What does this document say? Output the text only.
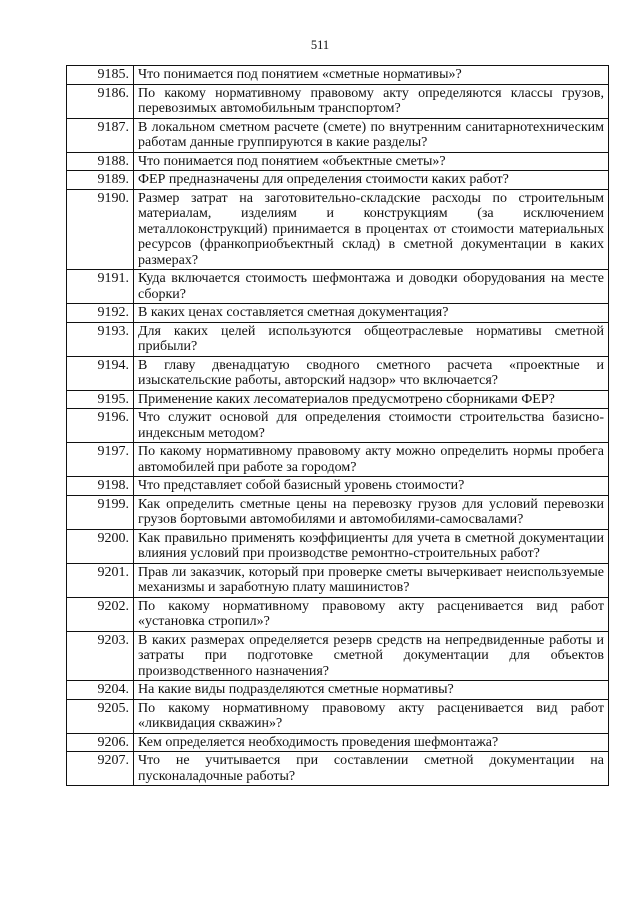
511
9185.	Что понимается под понятием «сметные нормативы»?
9186.	По какому нормативному правовому акту определяются классы грузов, перевозимых автомобильным транспортом?
9187.	В локальном сметном расчете (смете) по внутренним санитарнотехническим работам данные группируются в какие разделы?
9188.	Что понимается под понятием «объектные сметы»?
9189.	ФЕР предназначены для определения стоимости каких работ?
9190.	Размер затрат на заготовительно-складские расходы по строительным материалам, изделиям и конструкциям (за исключением металлоконструкций) принимается в процентах от стоимости материальных ресурсов (франкоприобъектный склад) в сметной документации в каких размерах?
9191.	Куда включается стоимость шефмонтажа и доводки оборудования на месте сборки?
9192.	В каких ценах составляется сметная документация?
9193.	Для каких целей используются общеотраслевые нормативы сметной прибыли?
9194.	В главу двенадцатую сводного сметного расчета «проектные и изыскательские работы, авторский надзор» что включается?
9195.	Применение каких лесоматериалов предусмотрено сборниками ФЕР?
9196.	Что служит основой для определения стоимости строительства базисно-индексным методом?
9197.	По какому нормативному правовому акту можно определить нормы пробега автомобилей при работе за городом?
9198.	Что представляет собой базисный уровень стоимости?
9199.	Как определить сметные цены на перевозку грузов для условий перевозки грузов бортовыми автомобилями и автомобилями-самосвалами?
9200.	Как правильно применять коэффициенты для учета в сметной документации влияния условий при производстве ремонтно-строительных работ?
9201.	Прав ли заказчик, который при проверке сметы вычеркивает неиспользуемые механизмы и заработную плату машинистов?
9202.	По какому нормативному правовому акту расценивается вид работ «установка стропил»?
9203.	В каких размерах определяется резерв средств на непредвиденные работы и затраты при подготовке сметной документации для объектов производственного назначения?
9204.	На какие виды подразделяются сметные нормативы?
9205.	По какому нормативному правовому акту расценивается вид работ «ликвидация скважин»?
9206.	Кем определяется необходимость проведения шефмонтажа?
9207.	Что не учитывается при составлении сметной документации на пусконаладочные работы?
